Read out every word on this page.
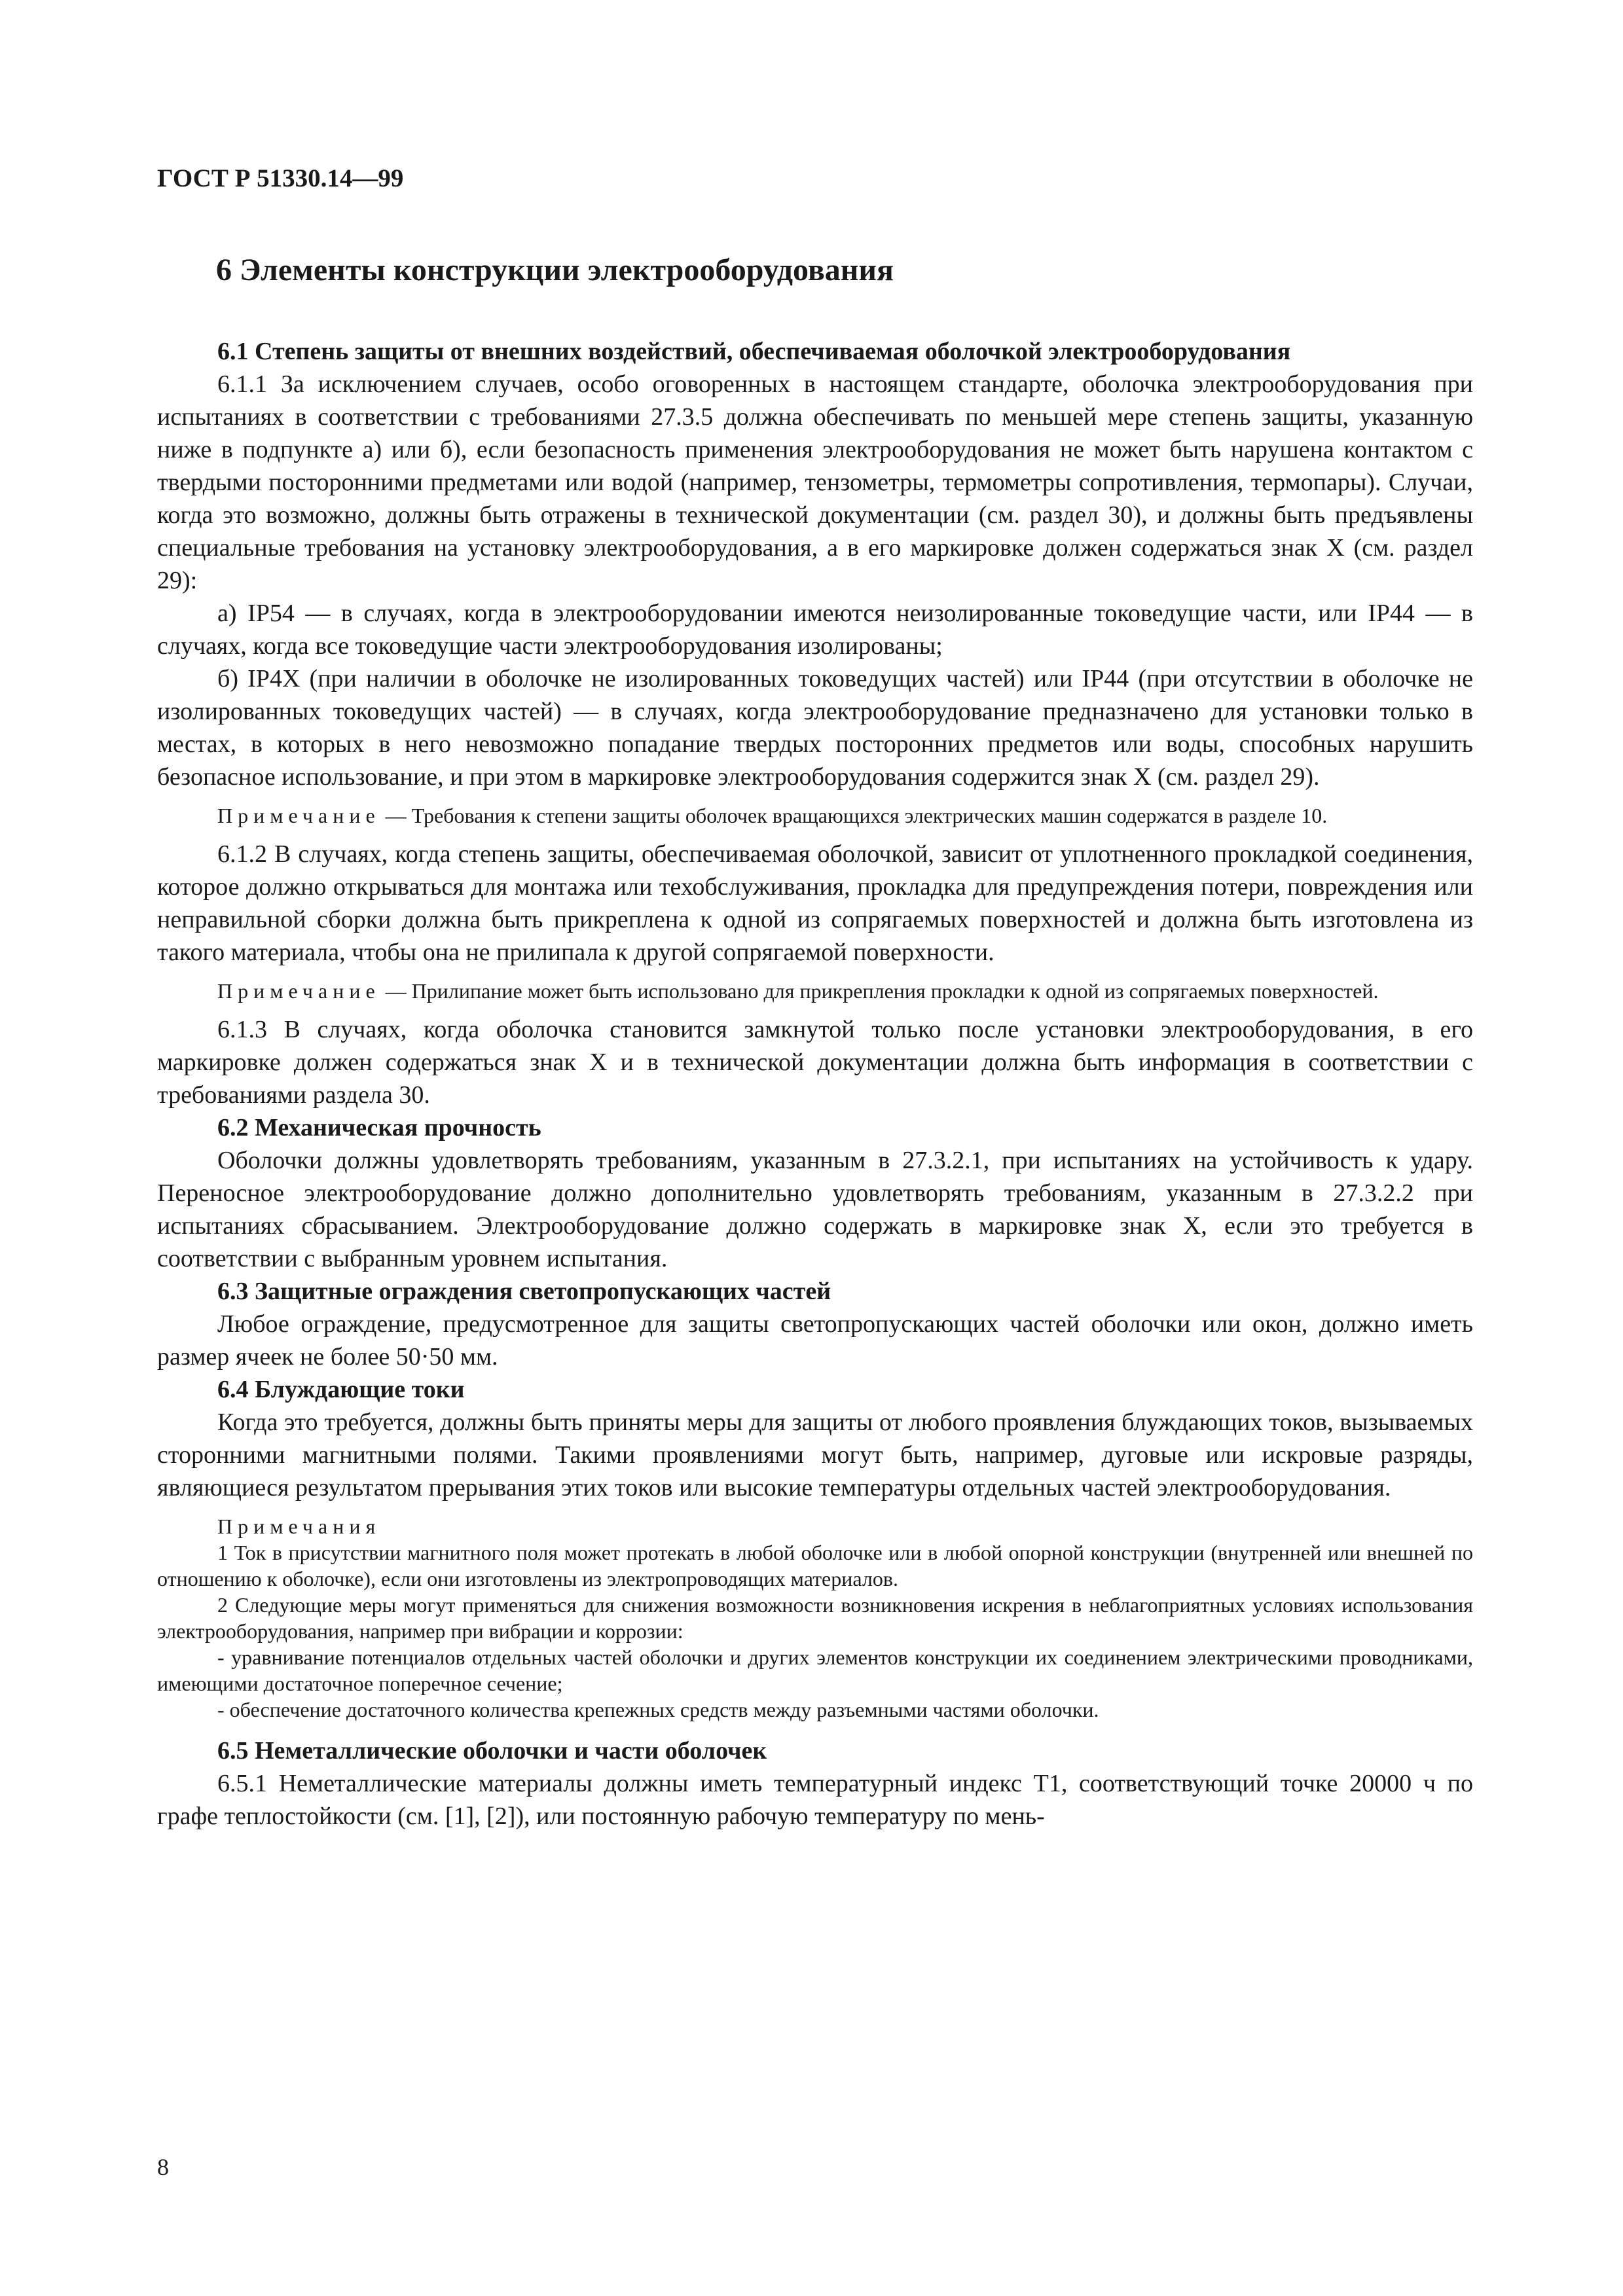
ГОСТ Р 51330.14—99

6 Элементы конструкции электрооборудования

6.1 Степень защиты от внешних воздействий, обеспечиваемая оболочкой электрооборудования

6.1.1 За исключением случаев, особо оговоренных в настоящем стандарте, оболочка электрооборудования при испытаниях в соответствии с требованиями 27.3.5 должна обеспечивать по меньшей мере степень защиты, указанную ниже в подпункте а) или б), если безопасность применения электрооборудования не может быть нарушена контактом с твердыми посторонними предметами или водой (например, тензометры, термометры сопротивления, термопары). Случаи, когда это возможно, должны быть отражены в технической документации (см. раздел 30), и должны быть предъявлены специальные требования на установку электрооборудования, а в его маркировке должен содержаться знак X (см. раздел 29):

а) IP54 — в случаях, когда в электрооборудовании имеются неизолированные токоведущие части, или IP44 — в случаях, когда все токоведущие части электрооборудования изолированы;

б) IP4X (при наличии в оболочке не изолированных токоведущих частей) или IP44 (при отсутствии в оболочке не изолированных токоведущих частей) — в случаях, когда электрооборудование предназначено для установки только в местах, в которых в него невозможно попадание твердых посторонних предметов или воды, способных нарушить безопасное использование, и при этом в маркировке электрооборудования содержится знак X (см. раздел 29).

Примечание — Требования к степени защиты оболочек вращающихся электрических машин содержатся в разделе 10.

6.1.2 В случаях, когда степень защиты, обеспечиваемая оболочкой, зависит от уплотненного прокладкой соединения, которое должно открываться для монтажа или техобслуживания, прокладка для предупреждения потери, повреждения или неправильной сборки должна быть прикреплена к одной из сопрягаемых поверхностей и должна быть изготовлена из такого материала, чтобы она не прилипала к другой сопрягаемой поверхности.

Примечание — Прилипание может быть использовано для прикрепления прокладки к одной из сопрягаемых поверхностей.

6.1.3 В случаях, когда оболочка становится замкнутой только после установки электрооборудования, в его маркировке должен содержаться знак X и в технической документации должна быть информация в соответствии с требованиями раздела 30.

6.2 Механическая прочность

Оболочки должны удовлетворять требованиям, указанным в 27.3.2.1, при испытаниях на устойчивость к удару. Переносное электрооборудование должно дополнительно удовлетворять требованиям, указанным в 27.3.2.2 при испытаниях сбрасыванием. Электрооборудование должно содержать в маркировке знак X, если это требуется в соответствии с выбранным уровнем испытания.

6.3 Защитные ограждения светопропускающих частей

Любое ограждение, предусмотренное для защиты светопропускающих частей оболочки или окон, должно иметь размер ячеек не более 50·50 мм.

6.4 Блуждающие токи

Когда это требуется, должны быть приняты меры для защиты от любого проявления блуждающих токов, вызываемых сторонними магнитными полями. Такими проявлениями могут быть, например, дуговые или искровые разряды, являющиеся результатом прерывания этих токов или высокие температуры отдельных частей электрооборудования.

Примечания

1 Ток в присутствии магнитного поля может протекать в любой оболочке или в любой опорной конструкции (внутренней или внешней по отношению к оболочке), если они изготовлены из электропроводящих материалов.

2 Следующие меры могут применяться для снижения возможности возникновения искрения в неблагоприятных условиях использования электрооборудования, например при вибрации и коррозии:

- уравнивание потенциалов отдельных частей оболочки и других элементов конструкции их соединением электрическими проводниками, имеющими достаточное поперечное сечение;

- обеспечение достаточного количества крепежных средств между разъемными частями оболочки.

6.5 Неметаллические оболочки и части оболочек

6.5.1 Неметаллические материалы должны иметь температурный индекс Т1, соответствующий точке 20000 ч по графе теплостойкости (см. [1], [2]), или постоянную рабочую температуру по мень-

8
